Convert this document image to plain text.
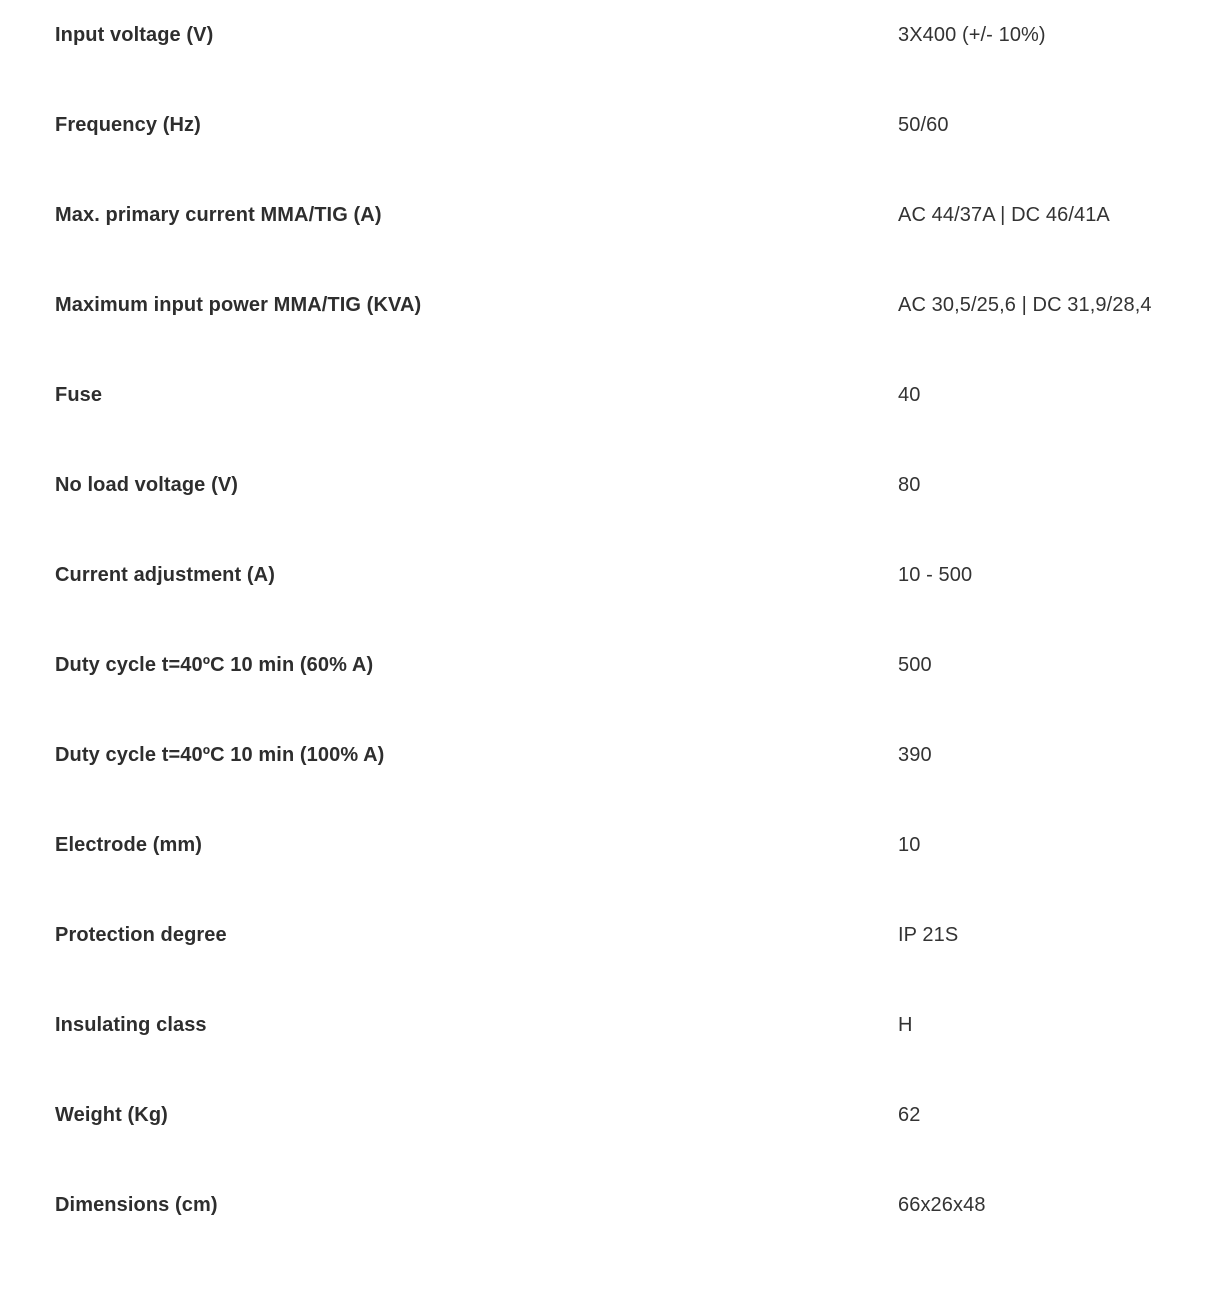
Input voltage (V)	3X400 (+/- 10%)
Frequency (Hz)	50/60
Max. primary current MMA/TIG (A)	AC 44/37A | DC 46/41A
Maximum input power MMA/TIG (KVA)	AC 30,5/25,6 | DC 31,9/28,4
Fuse	40
No load voltage (V)	80
Current adjustment (A)	10 - 500
Duty cycle t=40ºC 10 min (60% A)	500
Duty cycle t=40ºC 10 min (100% A)	390
Electrode (mm)	10
Protection degree	IP 21S
Insulating class	H
Weight (Kg)	62
Dimensions (cm)	66x26x48
